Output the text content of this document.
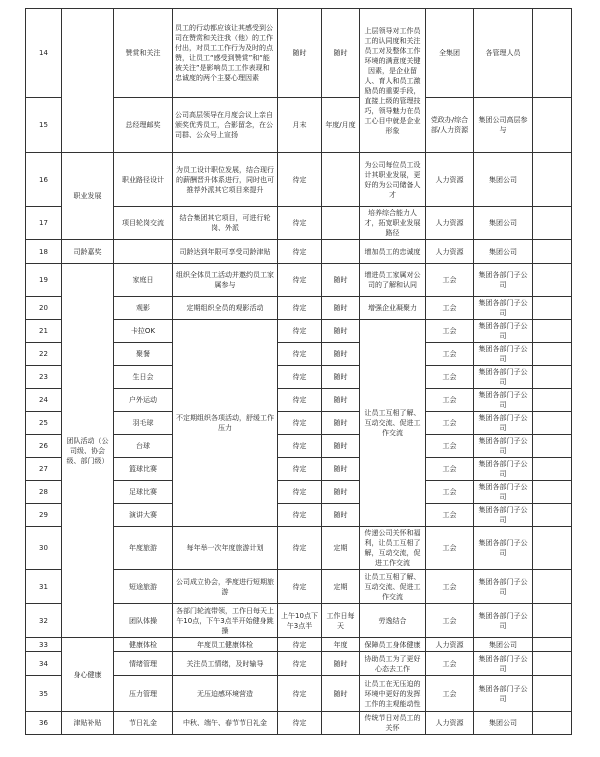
14		赞赏和关注	员工的行动都应该让其感受到公司在赞赏和关注我（他）的工作付出，对员工工作行为及时的点赞，让员工“感受到赞赏”和“能被关注”是影响员工工作表现和忠诚度的两个主要心理因素	随时	随时	上层领导对工作员工的认同度和关注员工对及整体工作环境的满意度关键因素，是企业留人、育人和员工激励员的重要手段，直接上级的管理技巧，领导魅力在员工心目中就是企业形象	全集团	各管理人员	
15		总经理邮奖	公司高层领导在月度会议上亲自颁奖优秀员工，合影留念，在公司群、公众号上宣扬	月末	年度/月度		党政办/综合部/人力资源	集团公司高层参与	
16	职业发展	职业路径设计	为员工设计职位发展，结合现行的薪酬晋升体系进行，同时也可推荐外派其它项目来提升	待定		为公司每位员工设计其职业发展，更好的为公司储备人才	人力资源	集团公司	
17		项目轮岗交流	结合集团其它项目，可进行轮岗、外派	待定		培养综合能力人才，拓宽职业发展路径	人力资源	集团公司	
18	司龄嘉奖		司龄达到年限可享受司龄津贴	待定		增加员工的忠诚度	人力资源	集团公司	
19	团队活动（公司级、协会级、部门级）	家庭日	组织全体员工活动并邀约员工家属参与	待定	随时	增进员工家属对公司的了解和认同	工会	集团各部门子公司	
20		观影	定期组织全员的观影活动	待定	随时	增强企业凝聚力	工会	集团各部门子公司	
21		卡拉OK	不定期组织各项活动，舒缓工作压力	待定	随时	让员工互相了解、互动交流、促进工作交流	工会	集团各部门子公司	
22		聚餐		待定	随时		工会	集团各部门子公司	
23		生日会		待定	随时		工会	集团各部门子公司	
24		户外运动		待定	随时		工会	集团各部门子公司	
25		羽毛球		待定	随时		工会	集团各部门子公司	
26		台球		待定	随时		工会	集团各部门子公司	
27		篮球比赛		待定	随时		工会	集团各部门子公司	
28		足球比赛		待定	随时		工会	集团各部门子公司	
29		演讲大赛		待定	随时		工会	集团各部门子公司	
30		年度旅游	每年举一次年度旅游计划	待定	定期	传递公司关怀和福利，让员工互相了解，互动交流，促进工作交流	工会	集团各部门子公司	
31		短途旅游	公司成立协会，季度进行短期旅游	待定	定期	让员工互相了解、互动交流、促进工作交流	工会	集团各部门子公司	
32		团队体操	各部门轮流带领，工作日每天上午10点，下午3点半开始健身跳操	上午10点下午3点半	工作日每天	劳逸结合	工会	集团各部门子公司	
33	身心健康	健康体检	年度员工健康体检	待定	年度	保障员工身体健康	人力资源	集团公司	
34		情绪管理	关注员工情绪，及时输导	待定	随时	协助员工为了更好心态去工作	工会	集团各部门子公司	
35		压力管理	无压迫感环境营造	待定	随时	让员工在无压迫的环境中更好的发挥工作的主观能动性	工会	集团各部门子公司	
36	津贴补贴	节日礼金	中秋、端午、春节节日礼金	待定		传统节日对员工的关怀	人力资源	集团公司	
